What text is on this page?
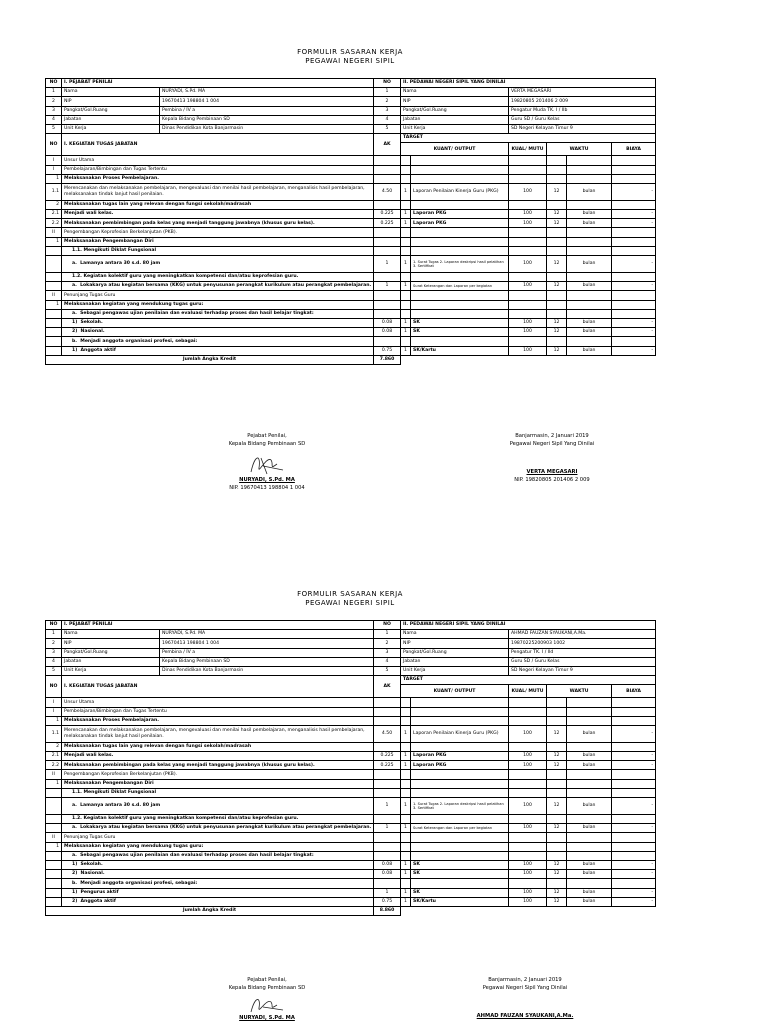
FORMULIR SASARAN KERJA
PEGAWAI NEGERI SIPIL
NO	I. PEJABAT PENILAI		NO	II. PEDAWAI NEGERI SIPIL YANG DINILAI					
1	Nama	NURYADI, S.Pd. MA	1	Nama		VERTA MEGASARI			
2	NIP	19670413 198804 1 004	2	NIP		19820805 201406 2 009			
3	Pangkat/Gol.Ruang	Pembina / IV a	3	Pangkat/Gol.Ruang		Pengatur Muda TK. I / IIb			
4	Jabatan	Kepala Bidang Pembinaan SD	4	Jabatan		Guru SD / Guru Kelas			
5	Unit Kerja	Dinas Pendidikan Kota Banjarmasin	5	Unit Kerja		SD Negeri Kelayan Timur 9			
NO	I. KEGIATAN TUGAS JABATAN		AK	TARGET					
				KUANT/ OUTPUT		KUAL/ MUTU	WAKTU		BIAYA
I	Unsur Utama								
I	Pembelajaran/Bimbingan dan Tugas Tertentu								
1	Melaksanakan Proses Pembelajaran.								
1.1	Merencanakan dan melaksanakan pembelajaran, mengevaluasi dan menilai hasil pembelajaran, menganalisis hasil pembelajaran, melaksanakan tindak lanjut hasil penilaian.		4.50	1	Laporan Penilaian Kinerja Guru (PKG)	100	12	bulan	-
2	Melaksanakan tugas lain yang relevan dengan fungsi sekolah/madrasah								
2.1	Menjadi wali kelas.		0.225	1	Laporan PKG	100	12	bulan	-
2.2	Melaksanakan pembimbingan pada kelas yang menjadi tanggung jawabnya (khusus guru kelas).		0.225	1	Laporan PKG	100	12	bulan	-
II	Pengembangan Keprofesian Berkelanjutan (PKB).								
1	Melaksanakan Pengembangan Diri								
	1.1. Mengikuti Diklat Fungsional								
	a. Lamanya antara 30 s.d. 80 jam		1	1	1. Surat Tugas 2. Laporan deskripsi hasil pelatihan 3. Sertifikat	100	12	bulan	-
	1.2. Kegiatan kolektif guru yang meningkatkan kompetensi dan/atau keprofesian guru.								
	a. Lokakarya atau kegiatan bersama (KKG) untuk penyusunan perangkat kurikulum atau perangkat pembelajaran.		1	1	Surat Keterangan dan Laporan per kegiatan	100	12	bulan	-
II	Penunjang Tugas Guru								
1	Melaksanakan kegiatan yang mendukung tugas guru:								
	a. Sebagai pengawas ujian penilaian dan evaluasi terhadap proses dan hasil belajar tingkat:								
	1) Sekolah.		0.08	1	SK	100	12	bulan	-
	2) Nasional.		0.08	1	SK	100	12	bulan	-
	b. Menjadi anggota organisasi profesi, sebagai:								
	1) Anggota aktif		0.75	1	SK/Kartu	100	12	bulan	-
Jumlah Angka Kredit			7.860						
Pejabat Penilai,
Kepala Bidang Pembinaan SD
NURYADI, S.Pd. MA
NIP. 19670413 198804 1 004
Banjarmasin, 2 Januari 2019
Pegawai Negeri Sipil Yang Dinilai
VERTA MEGASARI
NIP. 19820805 201406 2 009
FORMULIR SASARAN KERJA
PEGAWAI NEGERI SIPIL
NO	I. PEJABAT PENILAI		NO	II. PEDAWAI NEGERI SIPIL YANG DINILAI					
1	Nama	NURYADI, S.Pd. MA	1	Nama		AHMAD FAUZAN SYAUKANI,A.Ma.			
2	NIP	19670413 198804 1 004	2	NIP		19870225200903 1002			
3	Pangkat/Gol.Ruang	Pembina / IV a	3	Pangkat/Gol.Ruang		Pengatur TK. I / IId			
4	Jabatan	Kepala Bidang Pembinaan SD	4	Jabatan		Guru SD / Guru Kelas			
5	Unit Kerja	Dinas Pendidikan Kota Banjarmasin	5	Unit Kerja		SD Negeri Kelayan Timur 9			
NO	I. KEGIATAN TUGAS JABATAN		AK	TARGET					
				KUANT/ OUTPUT		KUAL/ MUTU	WAKTU		BIAYA
I	Unsur Utama								
I	Pembelajaran/Bimbingan dan Tugas Tertentu								
1	Melaksanakan Proses Pembelajaran.								
1.1	Merencanakan dan melaksanakan pembelajaran, mengevaluasi dan menilai hasil pembelajaran, menganalisis hasil pembelajaran, melaksanakan tindak lanjut hasil penilaian.		4.50	1	Laporan Penilaian Kinerja Guru (PKG)	100	12	bulan	-
2	Melaksanakan tugas lain yang relevan dengan fungsi sekolah/madrasah								
2.1	Menjadi wali kelas.		0.225	1	Laporan PKG	100	12	bulan	-
2.2	Melaksanakan pembimbingan pada kelas yang menjadi tanggung jawabnya (khusus guru kelas).		0.225	1	Laporan PKG	100	12	bulan	-
II	Pengembangan Keprofesian Berkelanjutan (PKB).								
1	Melaksanakan Pengembangan Diri								
	1.1. Mengikuti Diklat Fungsional								
	a. Lamanya antara 30 s.d. 80 jam		1	1	1. Surat Tugas 2. Laporan deskripsi hasil pelatihan 3. Sertifikat	100	12	bulan	-
	1.2. Kegiatan kolektif guru yang meningkatkan kompetensi dan/atau keprofesian guru.								
	a. Lokakarya atau kegiatan bersama (KKG) untuk penyusunan perangkat kurikulum atau perangkat pembelajaran.		1	1	Surat Keterangan dan Laporan per kegiatan	100	12	bulan	-
II	Penunjang Tugas Guru								
1	Melaksanakan kegiatan yang mendukung tugas guru:								
	a. Sebagai pengawas ujian penilaian dan evaluasi terhadap proses dan hasil belajar tingkat:								
	1) Sekolah.		0.08	1	SK	100	12	bulan	-
	2) Nasional.		0.08	1	SK	100	12	bulan	-
	b. Menjadi anggota organisasi profesi, sebagai:								
	1) Pengurus aktif		1	1	SK	100	12	bulan	-
	2) Anggota aktif		0.75	1	SK/Kartu	100	12	bulan	-
Jumlah Angka Kredit			8.860						
Pejabat Penilai,
Kepala Bidang Pembinaan SD
NURYADI, S.Pd. MA
Banjarmasin, 2 Januari 2019
Pegawai Negeri Sipil Yang Dinilai
AHMAD FAUZAN SYAUKANI,A.Ma.
